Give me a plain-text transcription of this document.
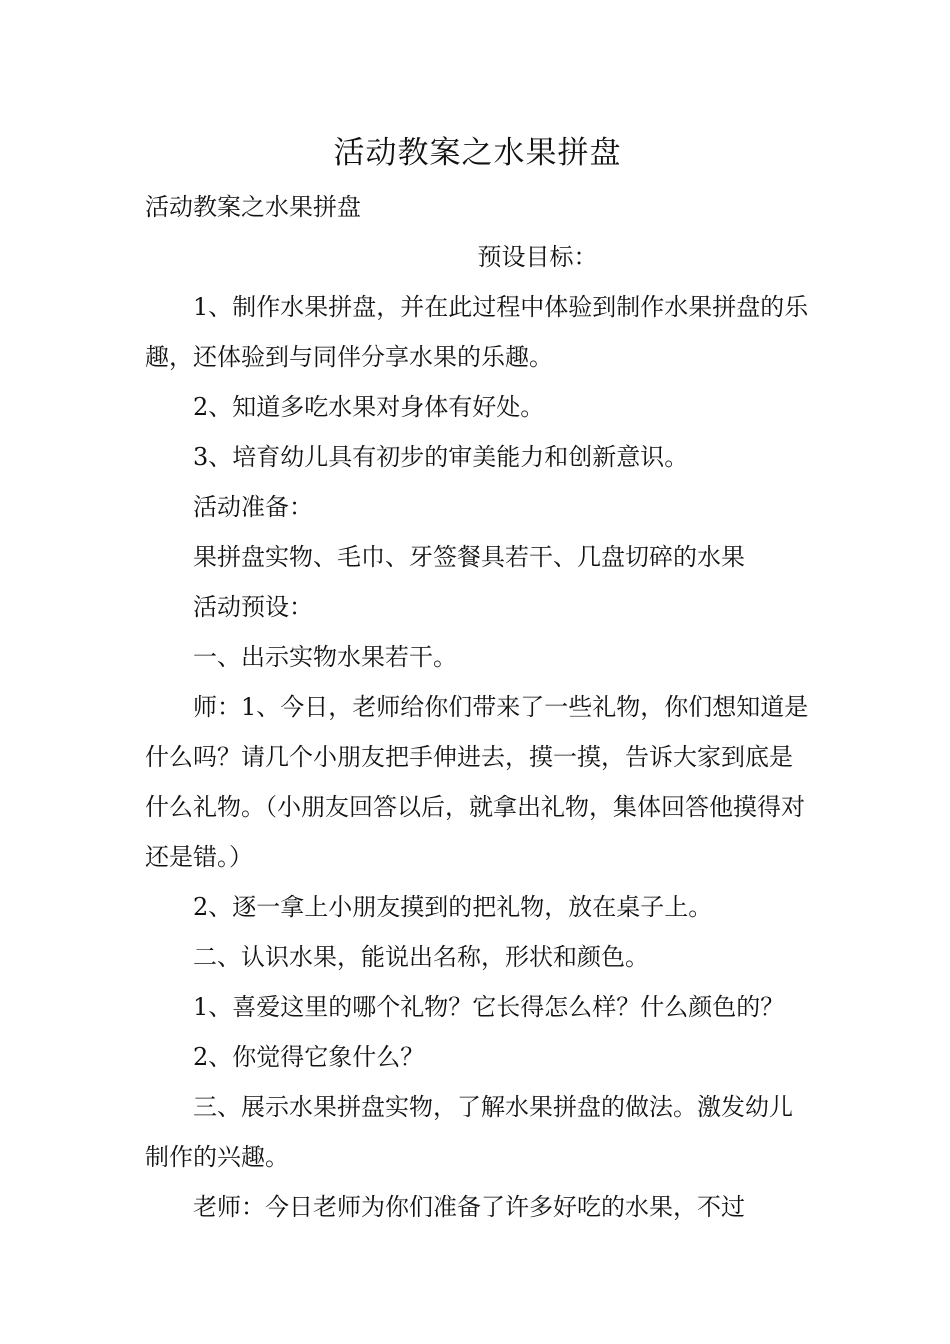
活动教案之水果拼盘

活动教案之水果拼盘

预设目标：

1、制作水果拼盘，并在此过程中体验到制作水果拼盘的乐趣，还体验到与同伴分享水果的乐趣。

2、知道多吃水果对身体有好处。

3、培育幼儿具有初步的审美能力和创新意识。

活动准备：

果拼盘实物、毛巾、牙签餐具若干、几盘切碎的水果

活动预设：

一、出示实物水果若干。

师：1、今日，老师给你们带来了一些礼物，你们想知道是什么吗？请几个小朋友把手伸进去，摸一摸，告诉大家到底是什么礼物。（小朋友回答以后，就拿出礼物，集体回答他摸得对还是错。）

2、逐一拿上小朋友摸到的把礼物，放在桌子上。

二、认识水果，能说出名称，形状和颜色。

1、喜爱这里的哪个礼物？它长得怎么样？什么颜色的？

2、你觉得它象什么？

三、展示水果拼盘实物，了解水果拼盘的做法。激发幼儿制作的兴趣。

老师：今日老师为你们准备了许多好吃的水果，不过
